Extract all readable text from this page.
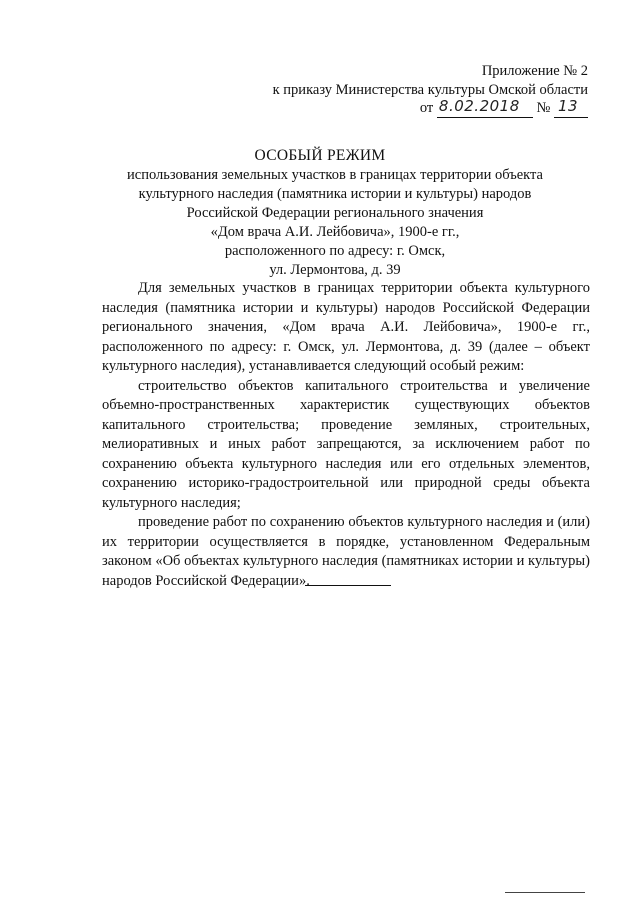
Приложение № 2
к приказу Министерства культуры Омской области
от 8.02.2018 № 13
ОСОБЫЙ РЕЖИМ
использования земельных участков в границах территории объекта
культурного наследия (памятника истории и культуры) народов
Российской Федерации регионального значения
«Дом врача А.И. Лейбовича», 1900-е гг.,
расположенного по адресу: г. Омск,
ул. Лермонтова, д. 39

Для земельных участков в границах территории объекта культурного наследия (памятника истории и культуры) народов Российской Федерации регионального значения, «Дом врача А.И. Лейбовича», 1900-е гг., расположенного по адресу: г. Омск, ул. Лермонтова, д. 39 (далее – объект культурного наследия), устанавливается следующий особый режим:

строительство объектов капитального строительства и увеличение объемно-пространственных характеристик существующих объектов капитального строительства; проведение земляных, строительных, мелиоративных и иных работ запрещаются, за исключением работ по сохранению объекта культурного наследия или его отдельных элементов, сохранению историко-градостроительной или природной среды объекта культурного наследия;

проведение работ по сохранению объектов культурного наследия и (или) их территории осуществляется в порядке, установленном Федеральным законом «Об объектах культурного наследия (памятниках истории и культуры) народов Российской Федерации».
